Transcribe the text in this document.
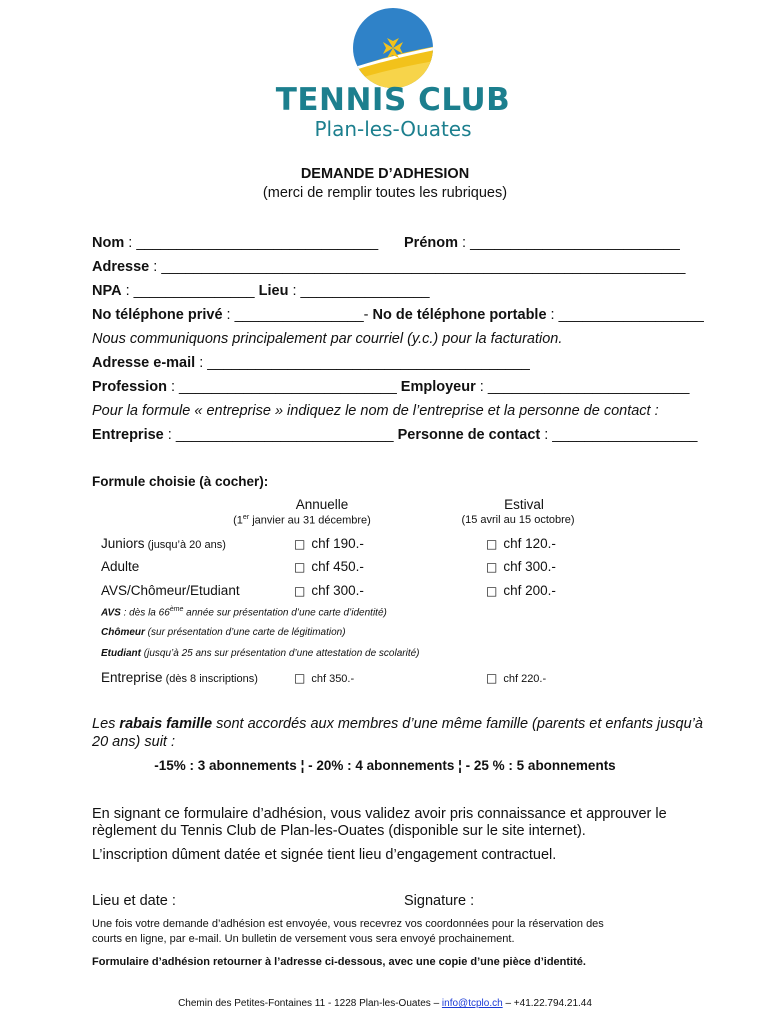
TENNIS CLUB
Plan-les-Ouates
DEMANDE D’ADHESION
(merci de remplir toutes les rubriques)
Nom : ______________________________ Prénom : __________________________
Adresse : _________________________________________________________________
NPA : _______________ Lieu : ________________
No téléphone privé : ________________- No de téléphone portable : __________________
Nous communiquons principalement par courriel (y.c.) pour la facturation.
Adresse e-mail : ________________________________________
Profession : ___________________________ Employeur : _________________________
Pour la formule « entreprise » indiquez le nom de l’entreprise et la personne de contact :
Entreprise : ___________________________ Personne de contact : __________________
Formule choisie (à cocher):
Annuelle
(1er janvier au 31 décembre)
Estival
(15 avril au 15 octobre)
Juniors (jusqu’à 20 ans)	□ chf 190.-	□ chf 120.-
Adulte	□ chf 450.-	□ chf 300.-
AVS/Chômeur/Etudiant	□ chf 300.-	□ chf 200.-
AVS : dès la 66ème année sur présentation d’une carte d’identité)
Chômeur (sur présentation d’une carte de légitimation)
Etudiant (jusqu’à 25 ans sur présentation d’une attestation de scolarité)
Entreprise (dès 8 inscriptions)	□ chf 350.-	□ chf 220.-
Les rabais famille sont accordés aux membres d’une même famille (parents et enfants jusqu’à
20 ans) suit :
-15% : 3 abonnements ¦ - 20% : 4 abonnements ¦ - 25 % : 5 abonnements
En signant ce formulaire d’adhésion, vous validez avoir pris connaissance et approuver le
règlement du Tennis Club de Plan-les-Ouates (disponible sur le site internet).
L’inscription dûment datée et signée tient lieu d’engagement contractuel.
Lieu et date :	Signature :
Une fois votre demande d’adhésion est envoyée, vous recevrez vos coordonnées pour la réservation des
courts en ligne, par e-mail. Un bulletin de versement vous sera envoyé prochainement.
Formulaire d’adhésion retourner à l’adresse ci-dessous, avec une copie d’une pièce d’identité.
Chemin des Petites-Fontaines 11 - 1228 Plan-les-Ouates – info@tcplo.ch – +41.22.794.21.44
